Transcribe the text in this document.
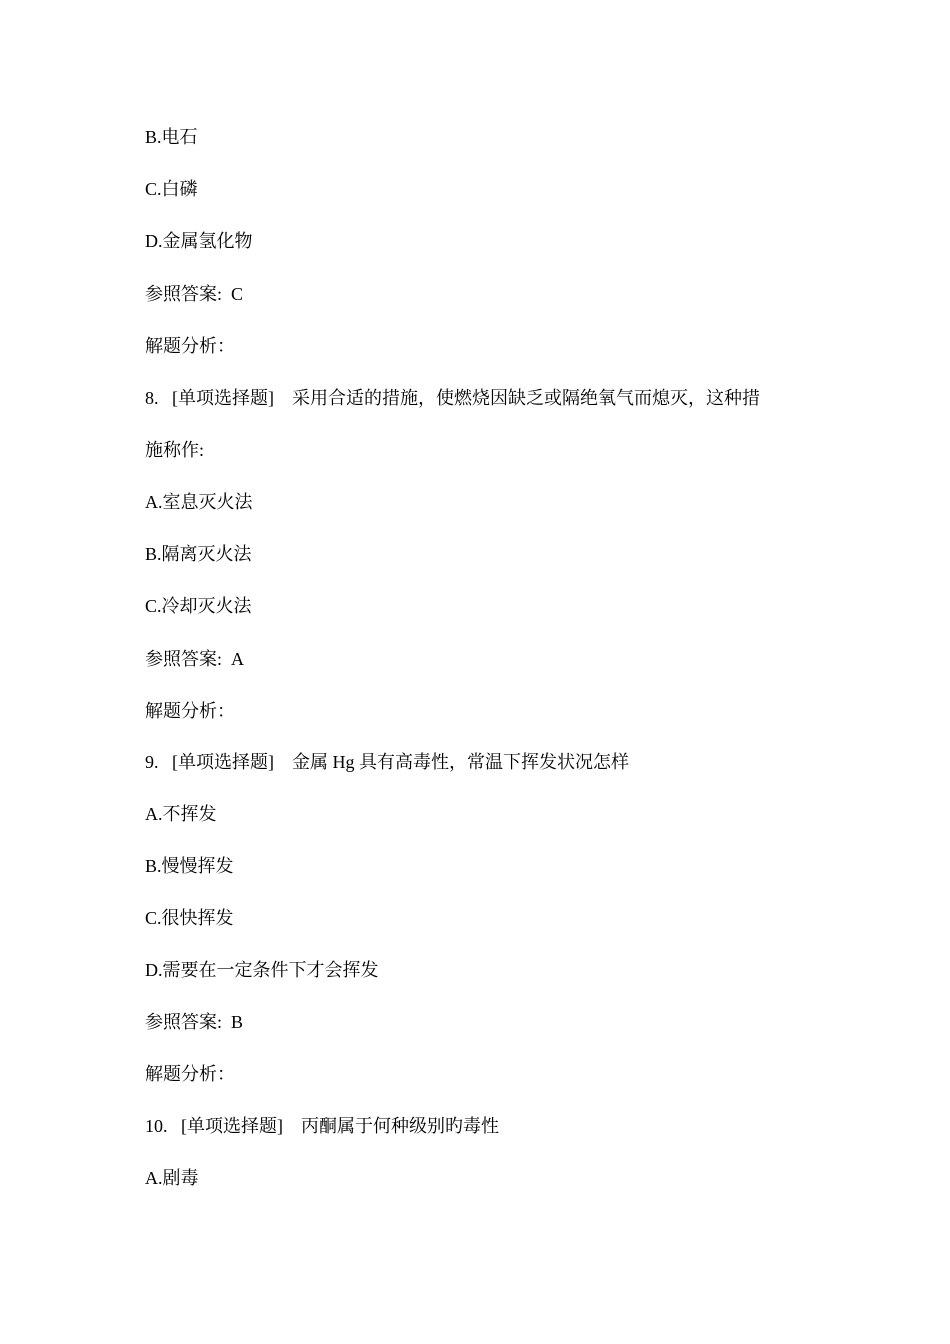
B.电石
C.白磷
D.金属氢化物
参照答案:  C
解题分析：
8.   [单项选择题]    采用合适的措施，使燃烧因缺乏或隔绝氧气而熄灭，这种措
施称作:
A.室息灭火法
B.隔离灭火法
C.冷却灭火法
参照答案:  A
解题分析：
9.   [单项选择题]    金属 Hg 具有高毒性，常温下挥发状况怎样
A.不挥发
B.慢慢挥发
C.很快挥发
D.需要在一定条件下才会挥发
参照答案:  B
解题分析：
10.   [单项选择题]    丙酮属于何种级别旳毒性
A.剧毒
